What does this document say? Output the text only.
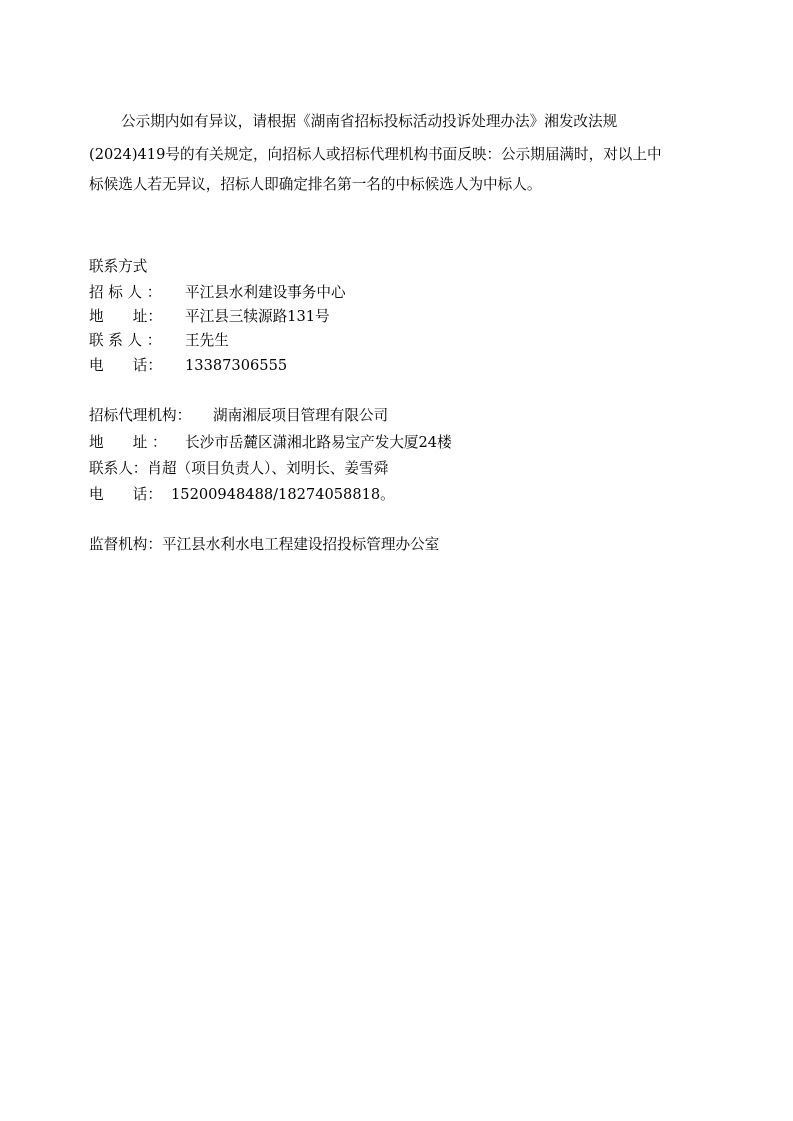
公示期内如有异议，请根据《湖南省招标投标活动投诉处理办法》湘发改法规
(2024)419号的有关规定，向招标人或招标代理机构书面反映：公示期届满时，对以上中
标候选人若无异议，招标人即确定排名第一名的中标候选人为中标人。
联系方式
招 标 人 ： 平江县水利建设事务中心
地　　址： 平江县三犊源路131号
联 系 人 ： 王先生
电　　话： 13387306555
招标代理机构： 湖南湘辰项目管理有限公司
地　　址 ： 长沙市岳麓区潇湘北路易宝产发大厦24楼
联系人：肖超（项目负责人）、刘明长、姜雪舜
电　　话： 15200948488/18274058818。
监督机构：平江县水利水电工程建设招投标管理办公室
